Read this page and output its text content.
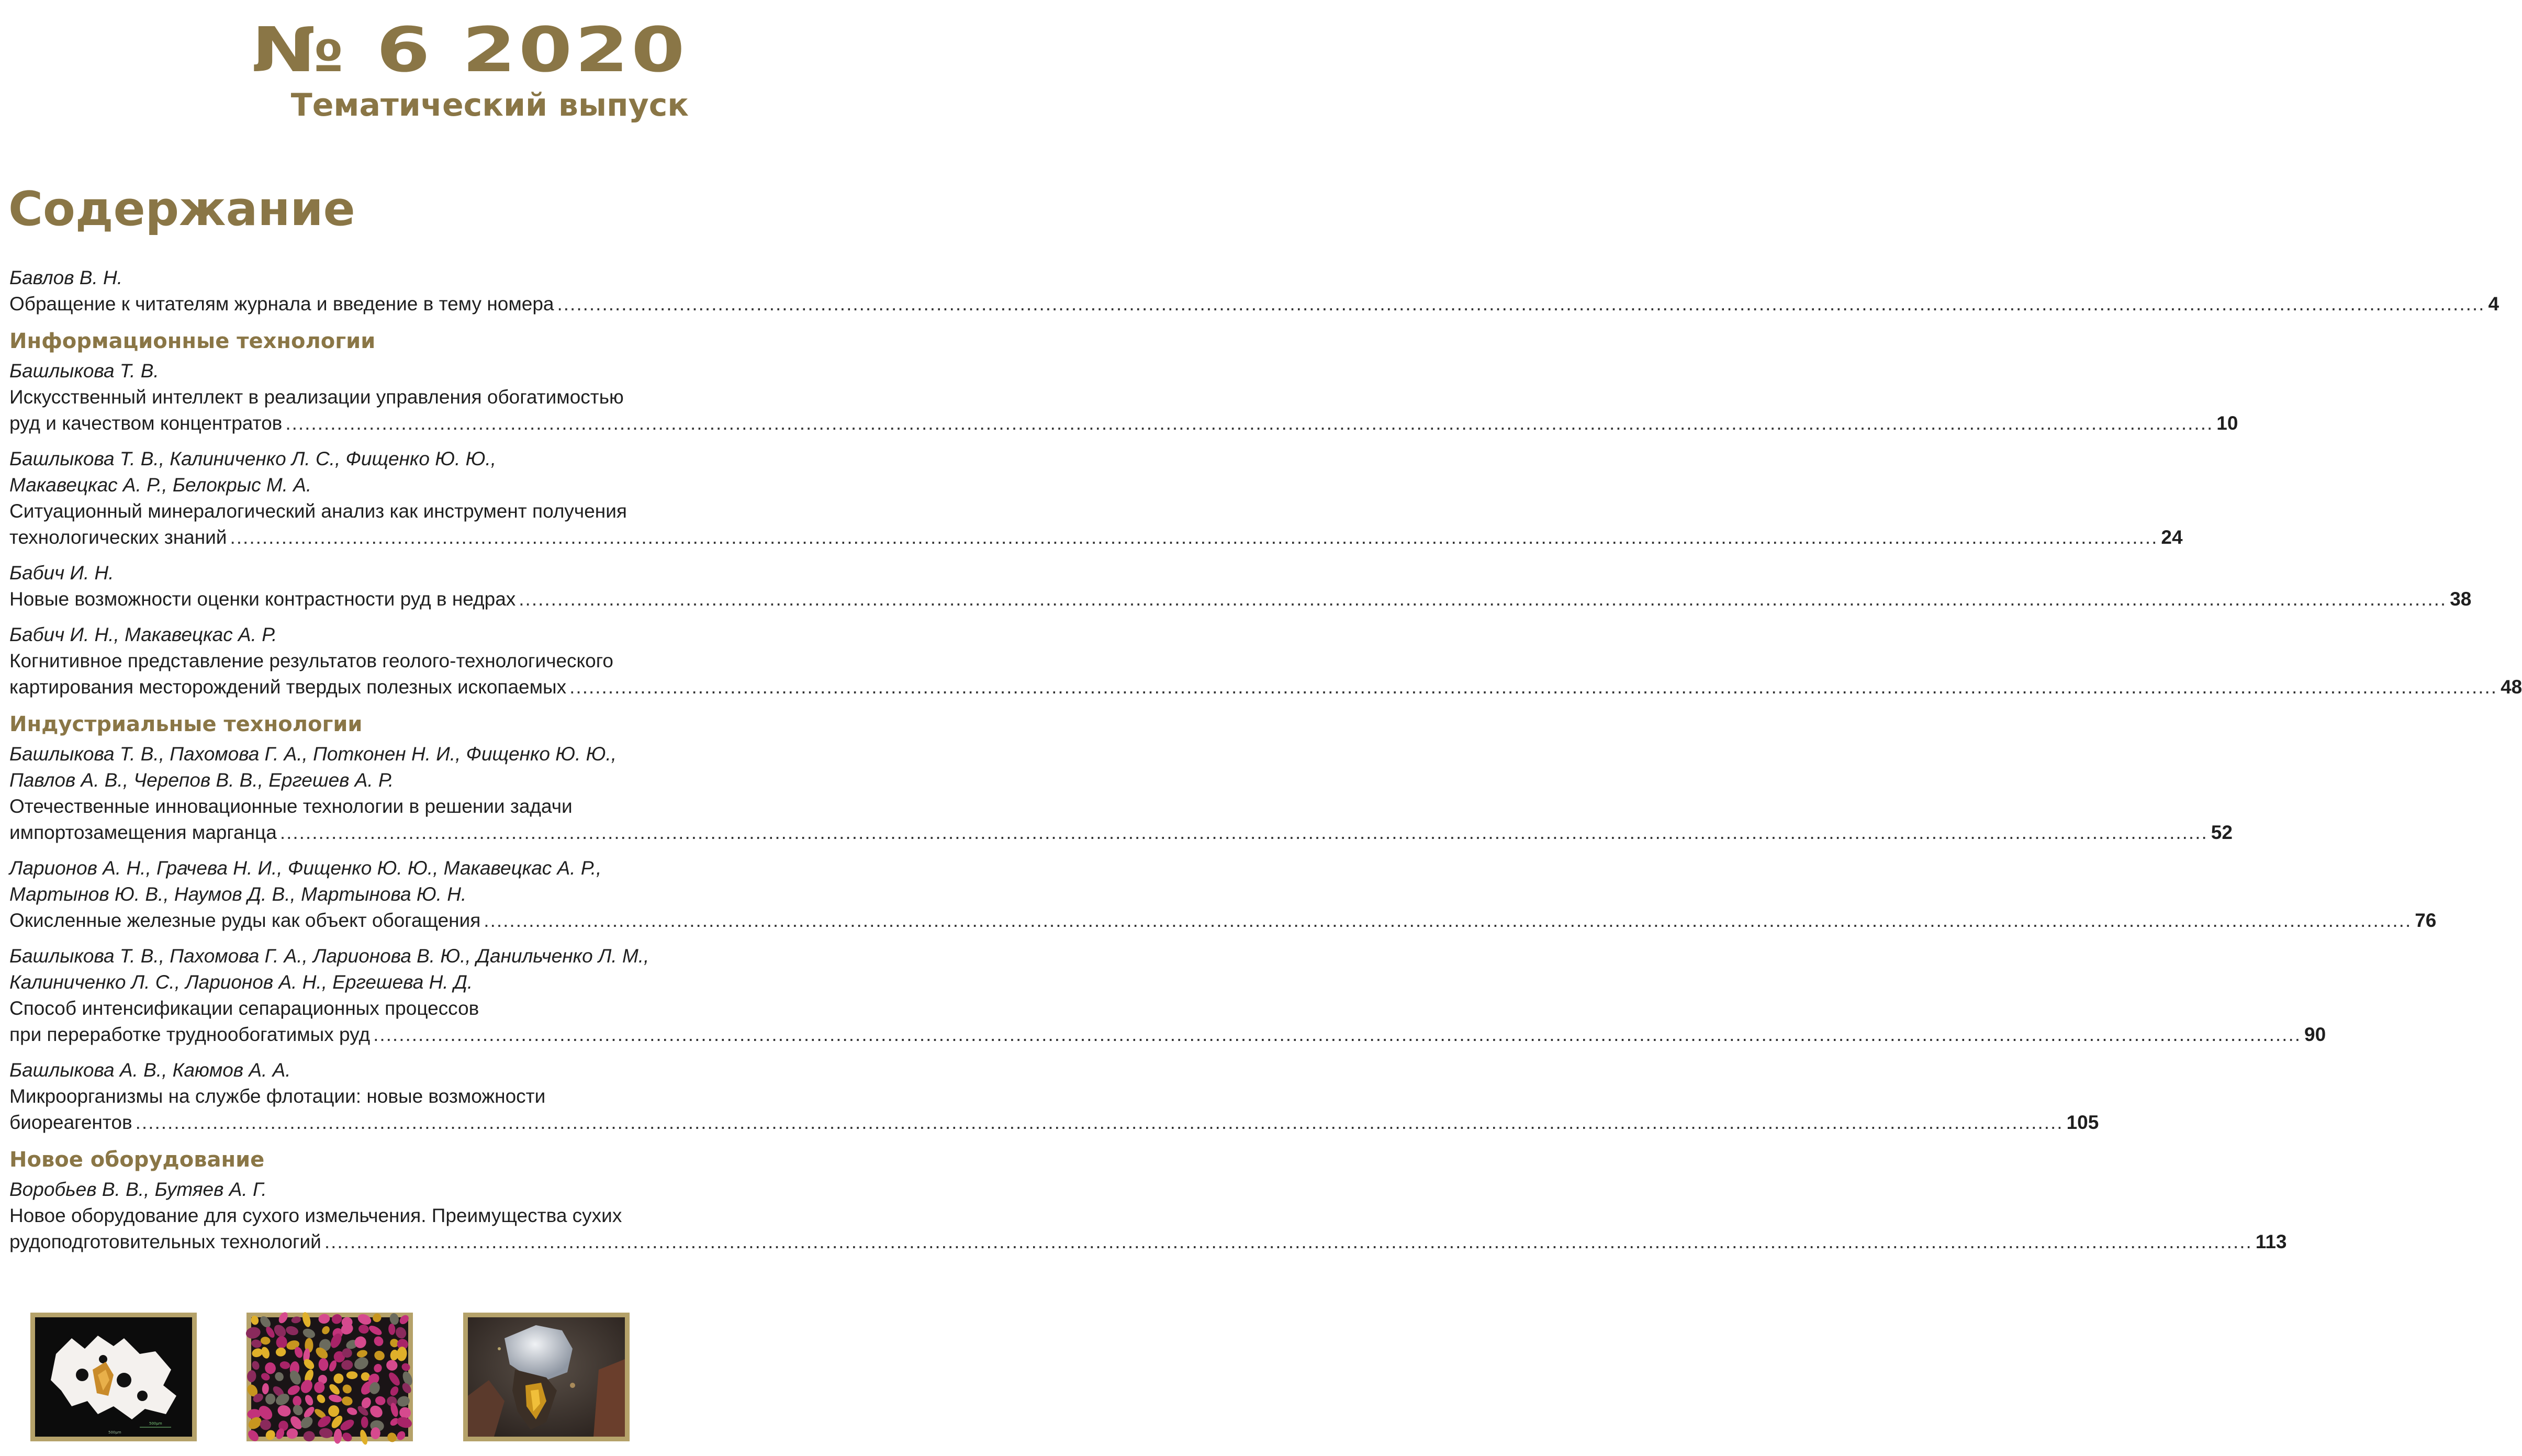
№ 6 2020
Тематический выпуск
Содержание
Бавлов В. Н.
Обращение к читателям журнала и введение в тему номера ............................................................................................................................................................................................................................................................................................................ 4
Информационные технологии
Башлыкова Т. В.
Искусственный интеллект в реализации управления обогатимостью
руд и качеством концентратов ............................................................................................................................................................................................................................................................................................................ 10
Башлыкова Т. В., Калиниченко Л. С., Фищенко Ю. Ю.,
Макавецкас А. Р., Белокрыс М. А.
Ситуационный минералогический анализ как инструмент получения
технологических знаний ............................................................................................................................................................................................................................................................................................................ 24
Бабич И. Н.
Новые возможности оценки контрастности руд в недрах ............................................................................................................................................................................................................................................................................................................ 38
Бабич И. Н., Макавецкас А. Р.
Когнитивное представление результатов геолого-технологического
картирования месторождений твердых полезных ископаемых ............................................................................................................................................................................................................................................................................................................ 48
Индустриальные технологии
Башлыкова Т. В., Пахомова Г. А., Потконен Н. И., Фищенко Ю. Ю.,
Павлов А. В., Черепов В. В., Ергешев А. Р.
Отечественные инновационные технологии в решении задачи
импортозамещения марганца ............................................................................................................................................................................................................................................................................................................ 52
Ларионов А. Н., Грачева Н. И., Фищенко Ю. Ю., Макавецкас А. Р.,
Мартынов Ю. В., Наумов Д. В., Мартынова Ю. Н.
Окисленные железные руды как объект обогащения ............................................................................................................................................................................................................................................................................................................ 76
Башлыкова Т. В., Пахомова Г. А., Ларионова В. Ю., Данильченко Л. М.,
Калиниченко Л. С., Ларионов А. Н., Ергешева Н. Д.
Способ интенсификации сепарационных процессов
при переработке труднообогатимых руд ............................................................................................................................................................................................................................................................................................................ 90
Башлыкова А. В., Каюмов А. А.
Микроорганизмы на службе флотации: новые возможности
биореагентов ............................................................................................................................................................................................................................................................................................................ 105
Новое оборудование
Воробьев В. В., Бутяев А. Г.
Новое оборудование для сухого измельчения. Преимущества сухих
рудоподготовительных технологий ............................................................................................................................................................................................................................................................................................................ 113
500μm
500μm
